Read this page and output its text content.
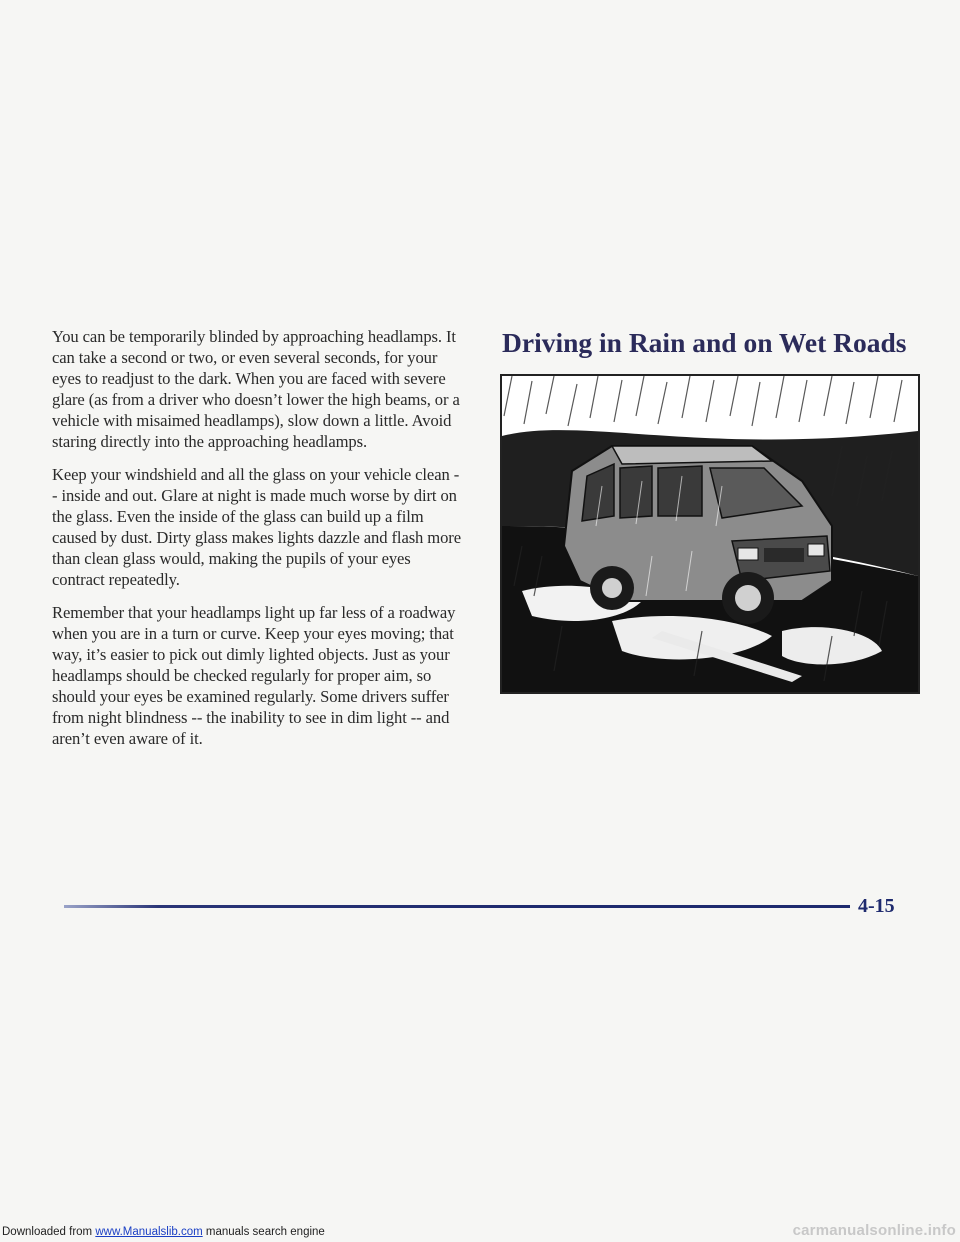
You can be temporarily blinded by approaching headlamps. It can take a second or two, or even several seconds, for your eyes to readjust to the dark. When you are faced with severe glare (as from a driver who doesn’t lower the high beams, or a vehicle with misaimed headlamps), slow down a little. Avoid staring directly into the approaching headlamps.

Keep your windshield and all the glass on your vehicle clean -- inside and out. Glare at night is made much worse by dirt on the glass. Even the inside of the glass can build up a film caused by dust. Dirty glass makes lights dazzle and flash more than clean glass would, making the pupils of your eyes contract repeatedly.

Remember that your headlamps light up far less of a roadway when you are in a turn or curve. Keep your eyes moving; that way, it’s easier to pick out dimly lighted objects. Just as your headlamps should be checked regularly for proper aim, so should your eyes be examined regularly. Some drivers suffer from night blindness -- the inability to see in dim light -- and aren’t even aware of it.

Driving in Rain and on Wet Roads
4-15
Downloaded from www.Manualslib.com manuals search engine	carmanualsonline.info
